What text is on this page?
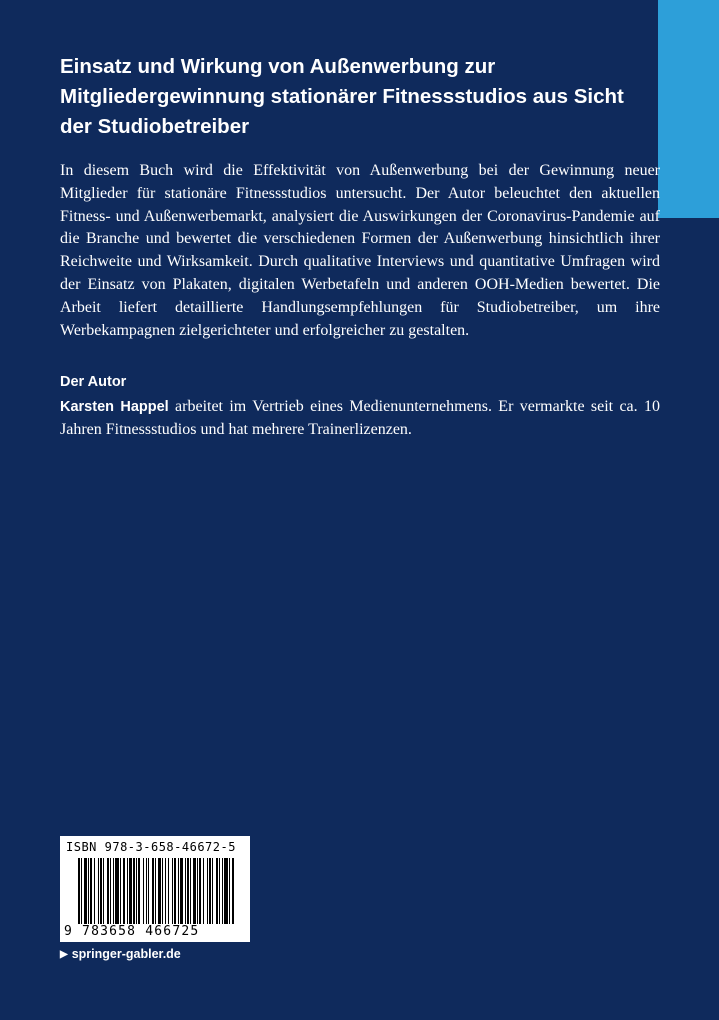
Einsatz und Wirkung von Außenwerbung zur Mitgliedergewinnung stationärer Fitnessstudios aus Sicht der Studiobetreiber

In diesem Buch wird die Effektivität von Außenwerbung bei der Gewinnung neuer Mitglieder für stationäre Fitnessstudios untersucht. Der Autor beleuchtet den aktuellen Fitness- und Außenwerbemarkt, analysiert die Auswirkungen der Coronavirus-Pandemie auf die Branche und bewertet die verschiedenen Formen der Außenwerbung hinsichtlich ihrer Reichweite und Wirksamkeit. Durch qualitative Interviews und quantitative Umfragen wird der Einsatz von Plakaten, digitalen Werbetafeln und anderen OOH-Medien bewertet. Die Arbeit liefert detaillierte Handlungsempfehlungen für Studiobetreiber, um ihre Werbekampagnen zielgerichteter und erfolgreicher zu gestalten.

Der Autor

Karsten Happel arbeitet im Vertrieb eines Medienunternehmens. Er vermarkte seit ca. 10 Jahren Fitnessstudios und hat mehrere Trainerlizenzen.

ISBN 978-3-658-46672-5
9 783658 466725
▶ springer-gabler.de
